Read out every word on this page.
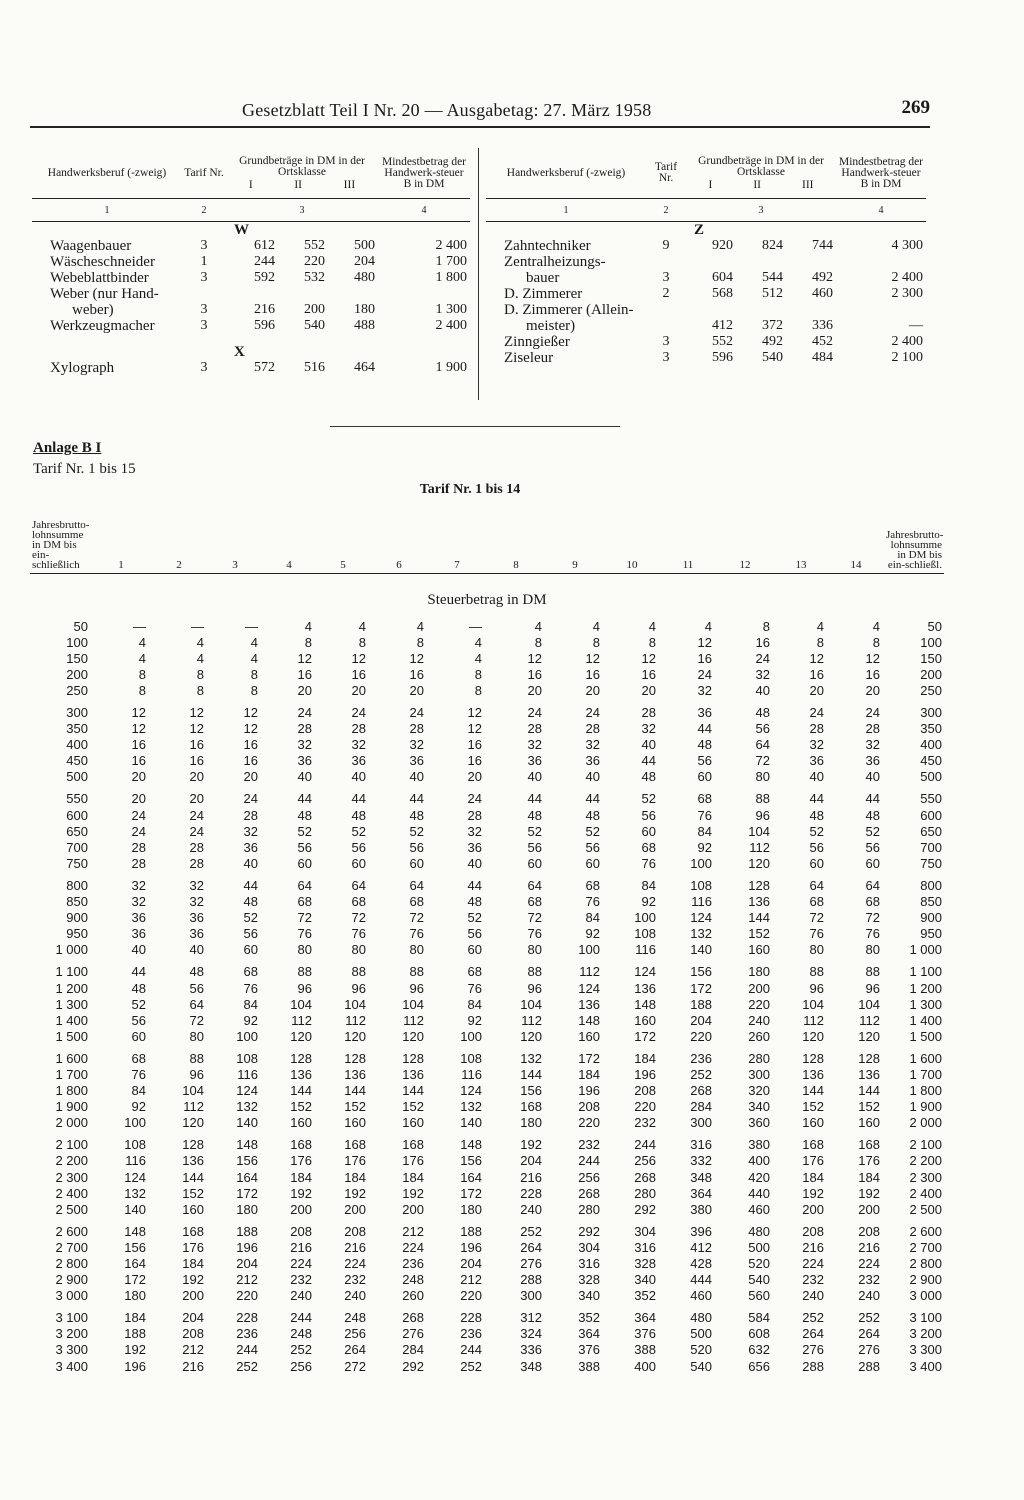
Gesetzblatt Teil I Nr. 20 — Ausgabetag: 27. März 1958	269
Handwerksberuf (-zweig)	Tarif Nr.	Grundbeträge in DM in der Ortsklasse
I II III			Mindestbetrag der Handwerk-steuer B in DM
1	2	3			4
		W			
Waagenbauer	3	612	552	500	2 400
Wäscheschneider	1	244	220	204	1 700
Webeblattbinder	3	592	532	480	1 800
Weber (nur Hand-					
weber)	3	216	200	180	1 300
Werkzeugmacher	3	596	540	488	2 400

		X			
Xylograph	3	572	516	464	1 900
Handwerksberuf (-zweig)	Tarif Nr.	Grundbeträge in DM in der Ortsklasse
I II III			Mindestbetrag der Handwerk-steuer B in DM
1	2	3			4
		Z			
Zahntechniker	9	920	824	744	4 300
Zentralheizungs-					
bauer	3	604	544	492	2 400
D. Zimmerer	2	568	512	460	2 300
D. Zimmerer (Allein-					
meister)		412	372	336	—
Zinngießer	3	552	492	452	2 400
Ziseleur	3	596	540	484	2 100
Anlage B I
Tarif Nr. 1 bis 15
Tarif Nr. 1 bis 14
Jahresbrutto-lohnsumme in DM bis ein-schließlich	1	2	3	4	5	6	7	8	9	10	11	12	13	14	Jahresbrutto-lohnsumme in DM bis ein-schließl.
Steuerbetrag in DM															
50	—	—	—	4	4	4	—	4	4	4	4	8	4	4	50
100	4	4	4	8	8	8	4	8	8	8	12	16	8	8	100
150	4	4	4	12	12	12	4	12	12	12	16	24	12	12	150
200	8	8	8	16	16	16	8	16	16	16	24	32	16	16	200
250	8	8	8	20	20	20	8	20	20	20	32	40	20	20	250
300	12	12	12	24	24	24	12	24	24	28	36	48	24	24	300
350	12	12	12	28	28	28	12	28	28	32	44	56	28	28	350
400	16	16	16	32	32	32	16	32	32	40	48	64	32	32	400
450	16	16	16	36	36	36	16	36	36	44	56	72	36	36	450
500	20	20	20	40	40	40	20	40	40	48	60	80	40	40	500
550	20	20	24	44	44	44	24	44	44	52	68	88	44	44	550
600	24	24	28	48	48	48	28	48	48	56	76	96	48	48	600
650	24	24	32	52	52	52	32	52	52	60	84	104	52	52	650
700	28	28	36	56	56	56	36	56	56	68	92	112	56	56	700
750	28	28	40	60	60	60	40	60	60	76	100	120	60	60	750
800	32	32	44	64	64	64	44	64	68	84	108	128	64	64	800
850	32	32	48	68	68	68	48	68	76	92	116	136	68	68	850
900	36	36	52	72	72	72	52	72	84	100	124	144	72	72	900
950	36	36	56	76	76	76	56	76	92	108	132	152	76	76	950
1 000	40	40	60	80	80	80	60	80	100	116	140	160	80	80	1 000
1 100	44	48	68	88	88	88	68	88	112	124	156	180	88	88	1 100
1 200	48	56	76	96	96	96	76	96	124	136	172	200	96	96	1 200
1 300	52	64	84	104	104	104	84	104	136	148	188	220	104	104	1 300
1 400	56	72	92	112	112	112	92	112	148	160	204	240	112	112	1 400
1 500	60	80	100	120	120	120	100	120	160	172	220	260	120	120	1 500
1 600	68	88	108	128	128	128	108	132	172	184	236	280	128	128	1 600
1 700	76	96	116	136	136	136	116	144	184	196	252	300	136	136	1 700
1 800	84	104	124	144	144	144	124	156	196	208	268	320	144	144	1 800
1 900	92	112	132	152	152	152	132	168	208	220	284	340	152	152	1 900
2 000	100	120	140	160	160	160	140	180	220	232	300	360	160	160	2 000
2 100	108	128	148	168	168	168	148	192	232	244	316	380	168	168	2 100
2 200	116	136	156	176	176	176	156	204	244	256	332	400	176	176	2 200
2 300	124	144	164	184	184	184	164	216	256	268	348	420	184	184	2 300
2 400	132	152	172	192	192	192	172	228	268	280	364	440	192	192	2 400
2 500	140	160	180	200	200	200	180	240	280	292	380	460	200	200	2 500
2 600	148	168	188	208	208	212	188	252	292	304	396	480	208	208	2 600
2 700	156	176	196	216	216	224	196	264	304	316	412	500	216	216	2 700
2 800	164	184	204	224	224	236	204	276	316	328	428	520	224	224	2 800
2 900	172	192	212	232	232	248	212	288	328	340	444	540	232	232	2 900
3 000	180	200	220	240	240	260	220	300	340	352	460	560	240	240	3 000
3 100	184	204	228	244	248	268	228	312	352	364	480	584	252	252	3 100
3 200	188	208	236	248	256	276	236	324	364	376	500	608	264	264	3 200
3 300	192	212	244	252	264	284	244	336	376	388	520	632	276	276	3 300
3 400	196	216	252	256	272	292	252	348	388	400	540	656	288	288	3 400
